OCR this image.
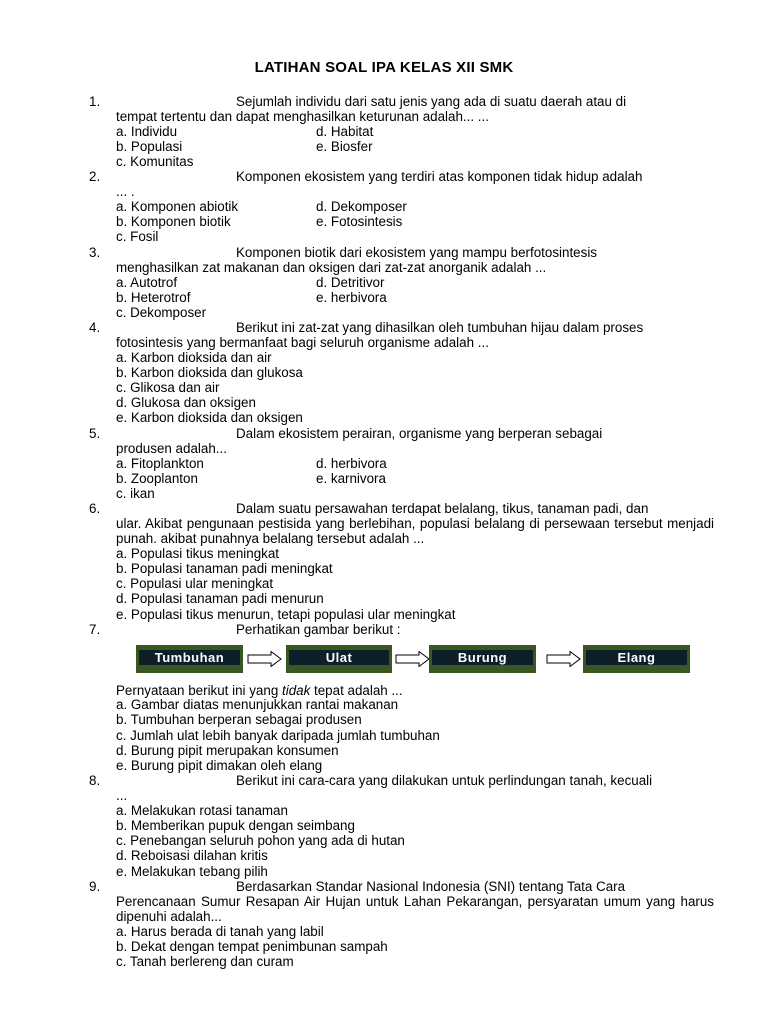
LATIHAN SOAL IPA KELAS XII SMK
1.	Sejumlah individu dari satu jenis yang ada di suatu daerah atau di
tempat tertentu dan dapat menghasilkan keturunan adalah... ...
a. Individu	d. Habitat
b. Populasi	e. Biosfer
c. Komunitas
2.	Komponen ekosistem yang terdiri atas komponen tidak hidup adalah
... .
a. Komponen abiotik	d. Dekomposer
b. Komponen biotik	e. Fotosintesis
c. Fosil
3.	Komponen biotik dari ekosistem yang mampu berfotosintesis
menghasilkan zat makanan dan oksigen dari zat-zat anorganik adalah ...
a. Autotrof	d. Detritivor
b. Heterotrof	e. herbivora
c. Dekomposer
4.	Berikut ini zat-zat yang dihasilkan oleh tumbuhan hijau dalam proses
fotosintesis yang bermanfaat bagi seluruh organisme adalah ...
a. Karbon dioksida dan air
b. Karbon dioksida dan glukosa
c. Glikosa dan air
d. Glukosa dan oksigen
e. Karbon dioksida dan oksigen
5.	Dalam ekosistem perairan, organisme yang berperan sebagai
produsen adalah...
a. Fitoplankton	d. herbivora
b. Zooplanton	e. karnivora
c. ikan
6.	Dalam suatu persawahan terdapat belalang, tikus, tanaman padi, dan
ular. Akibat pengunaan pestisida yang berlebihan, populasi belalang di persewaan tersebut menjadi punah. akibat punahnya belalang tersebut adalah ...
a. Populasi tikus meningkat
b. Populasi tanaman padi meningkat
c. Populasi ular meningkat
d. Populasi tanaman padi menurun
e. Populasi tikus menurun, tetapi populasi ular meningkat
7.	Perhatikan gambar berikut :
Tumbuhan	Ulat	Burung	Elang
Pernyataan berikut ini yang tidak tepat adalah ...
a. Gambar diatas menunjukkan rantai makanan
b. Tumbuhan berperan sebagai produsen
c. Jumlah ulat lebih banyak daripada jumlah tumbuhan
d. Burung pipit merupakan konsumen
e. Burung pipit dimakan oleh elang
8.	Berikut ini cara-cara yang dilakukan untuk perlindungan tanah, kecuali
...
a. Melakukan rotasi tanaman
b. Memberikan pupuk dengan seimbang
c. Penebangan seluruh pohon yang ada di hutan
d. Reboisasi dilahan kritis
e. Melakukan tebang pilih
9.	Berdasarkan Standar Nasional Indonesia (SNI) tentang Tata Cara
Perencanaan Sumur Resapan Air Hujan untuk Lahan Pekarangan, persyaratan umum yang harus dipenuhi adalah...
a. Harus berada di tanah yang labil
b. Dekat dengan tempat penimbunan sampah
c. Tanah berlereng dan curam
